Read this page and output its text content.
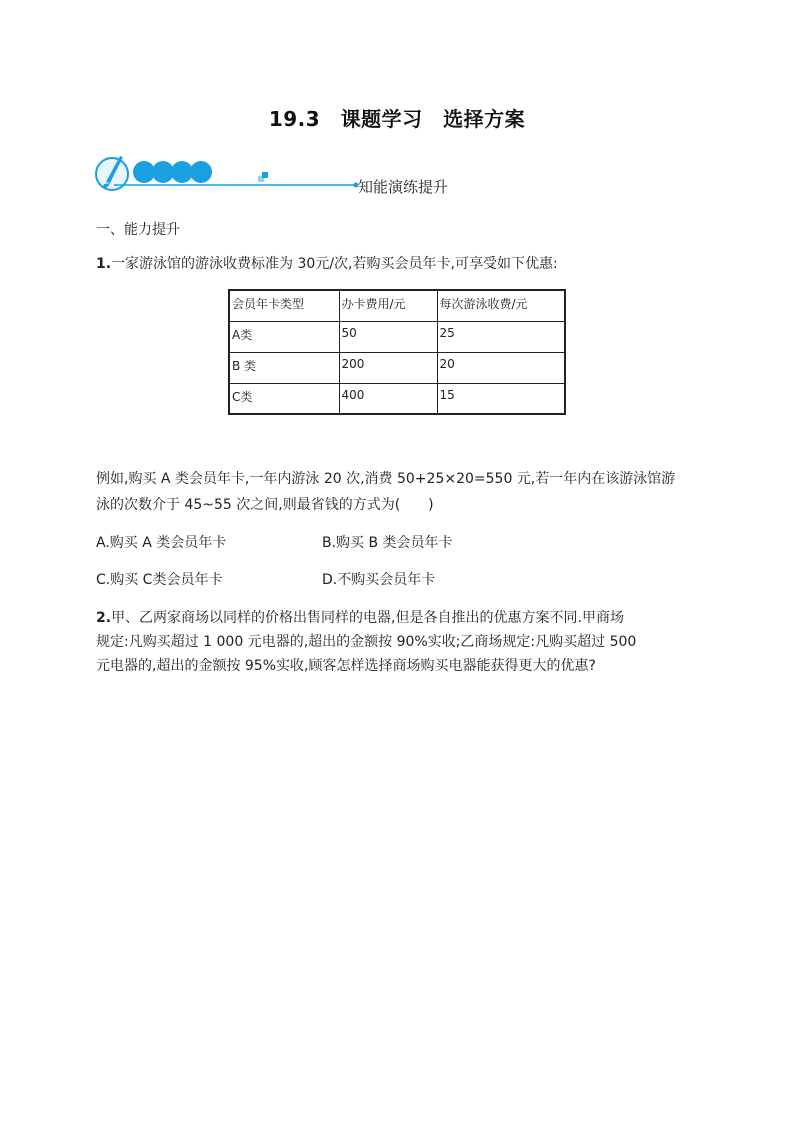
19.3　课题学习　选择方案
知能演练提升
一、能力提升
1.一家游泳馆的游泳收费标准为 30元/次,若购买会员年卡,可享受如下优惠:
会员年卡类型	办卡费用/元	每次游泳收费/元
A类	50	25
B 类	200	20
C类	400	15
例如,购买 A 类会员年卡,一年内游泳 20 次,消费 50+25×20=550 元,若一年内在该游泳馆游
泳的次数介于 45~55 次之间,则最省钱的方式为(　　)
A.购买 A 类会员年卡	B.购买 B 类会员年卡
C.购买 C类会员年卡	D.不购买会员年卡
2.甲、乙两家商场以同样的价格出售同样的电器,但是各自推出的优惠方案不同.甲商场
规定:凡购买超过 1 000 元电器的,超出的金额按 90%实收;乙商场规定:凡购买超过 500
元电器的,超出的金额按 95%实收,顾客怎样选择商场购买电器能获得更大的优惠?
